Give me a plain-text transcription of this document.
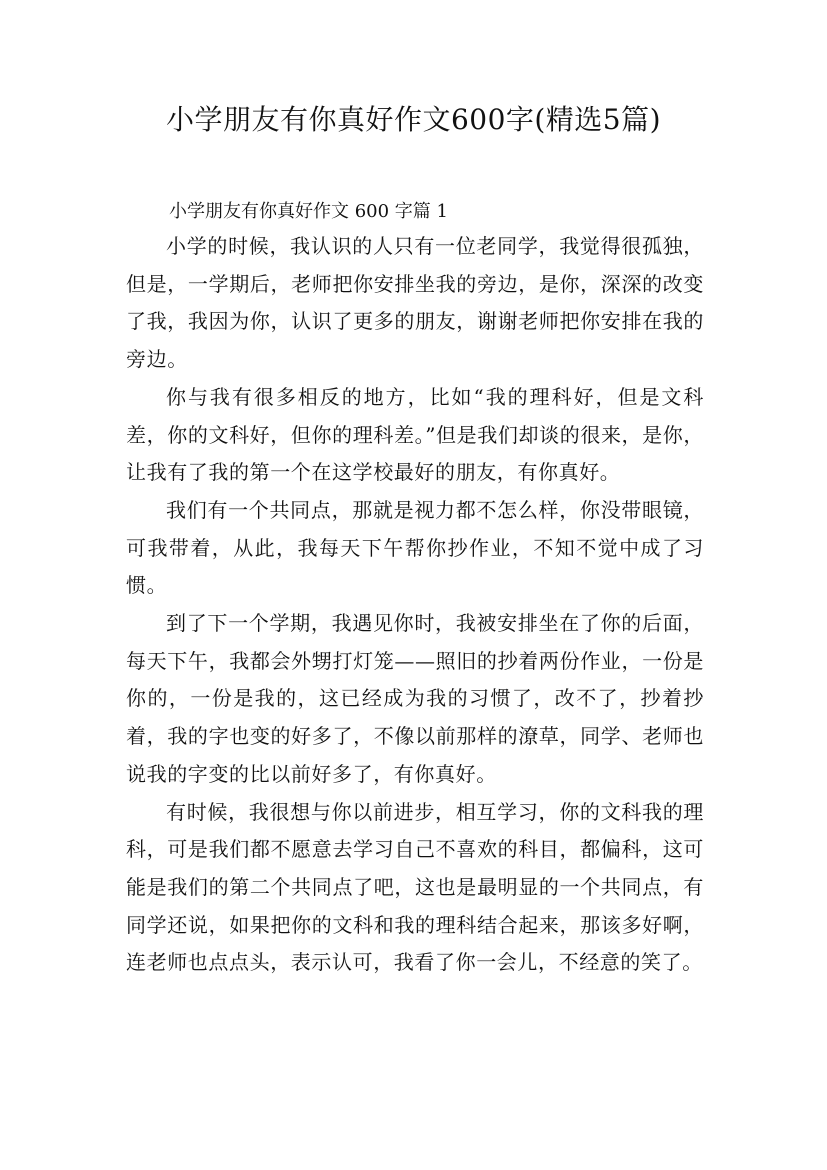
小学朋友有你真好作文600字(精选5篇)

小学朋友有你真好作文 600 字篇 1

小学的时候，我认识的人只有一位老同学，我觉得很孤独，但是，一学期后，老师把你安排坐我的旁边，是你，深深的改变了我，我因为你，认识了更多的朋友，谢谢老师把你安排在我的旁边。

你与我有很多相反的地方，比如“我的理科好，但是文科差，你的文科好，但你的理科差。”但是我们却谈的很来，是你，让我有了我的第一个在这学校最好的朋友，有你真好。

我们有一个共同点，那就是视力都不怎么样，你没带眼镜，可我带着，从此，我每天下午帮你抄作业，不知不觉中成了习惯。

到了下一个学期，我遇见你时，我被安排坐在了你的后面，每天下午，我都会外甥打灯笼——照旧的抄着两份作业，一份是你的，一份是我的，这已经成为我的习惯了，改不了，抄着抄着，我的字也变的好多了，不像以前那样的潦草，同学、老师也说我的字变的比以前好多了，有你真好。

有时候，我很想与你以前进步，相互学习，你的文科我的理科，可是我们都不愿意去学习自己不喜欢的科目，都偏科，这可能是我们的第二个共同点了吧，这也是最明显的一个共同点，有同学还说，如果把你的文科和我的理科结合起来，那该多好啊，连老师也点点头，表示认可，我看了你一会儿，不经意的笑了。
